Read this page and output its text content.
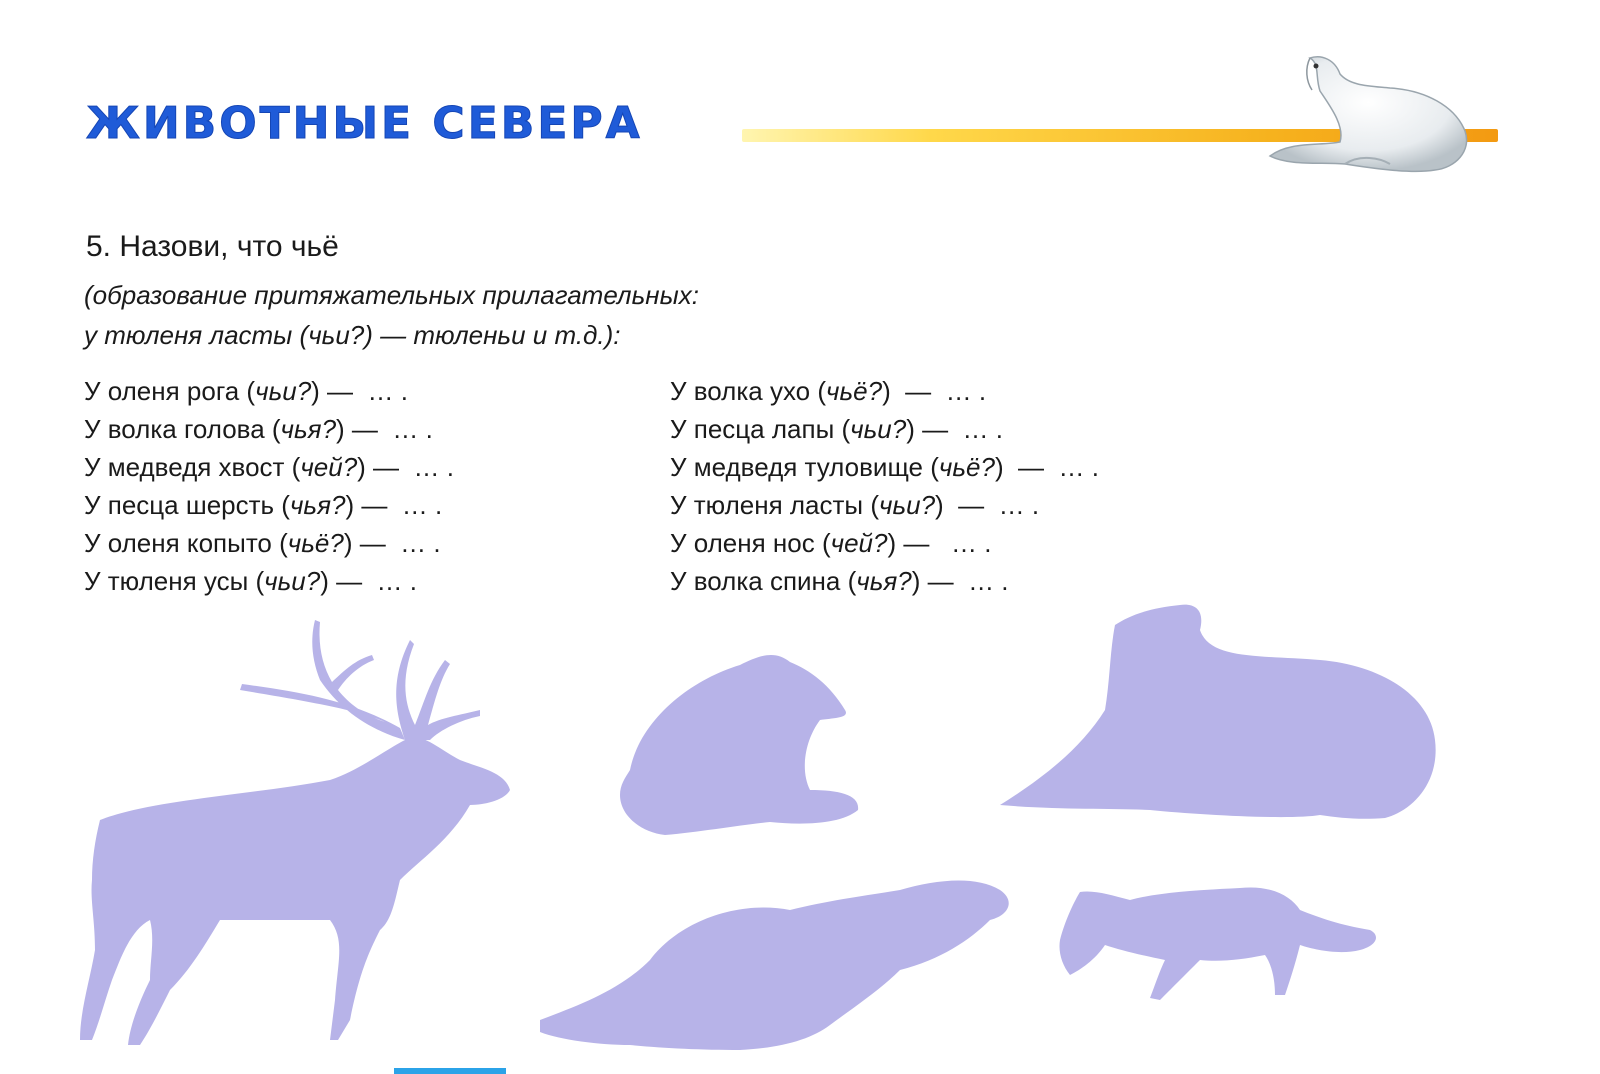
ЖИВОТНЫЕ СЕВЕРА
5. Назови, что чьё
(образование притяжательных прилагательных:
у тюленя ласты (чьи?) — тюленьи и т.д.):
У оленя рога (чьи?) —  … .
У волка голова (чья?) —  … .
У медведя хвост (чей?) —  … .
У песца шерсть (чья?) —  … .
У оленя копыто (чьё?) —  … .
У тюленя усы (чьи?) —  … .
У волка ухо (чьё?)  —  … .
У песца лапы (чьи?) —  … .
У медведя туловище (чьё?)  —  … .
У тюленя ласты (чьи?)  —  … .
У оленя нос (чей?) —   … .
У волка спина (чья?) —  … .
